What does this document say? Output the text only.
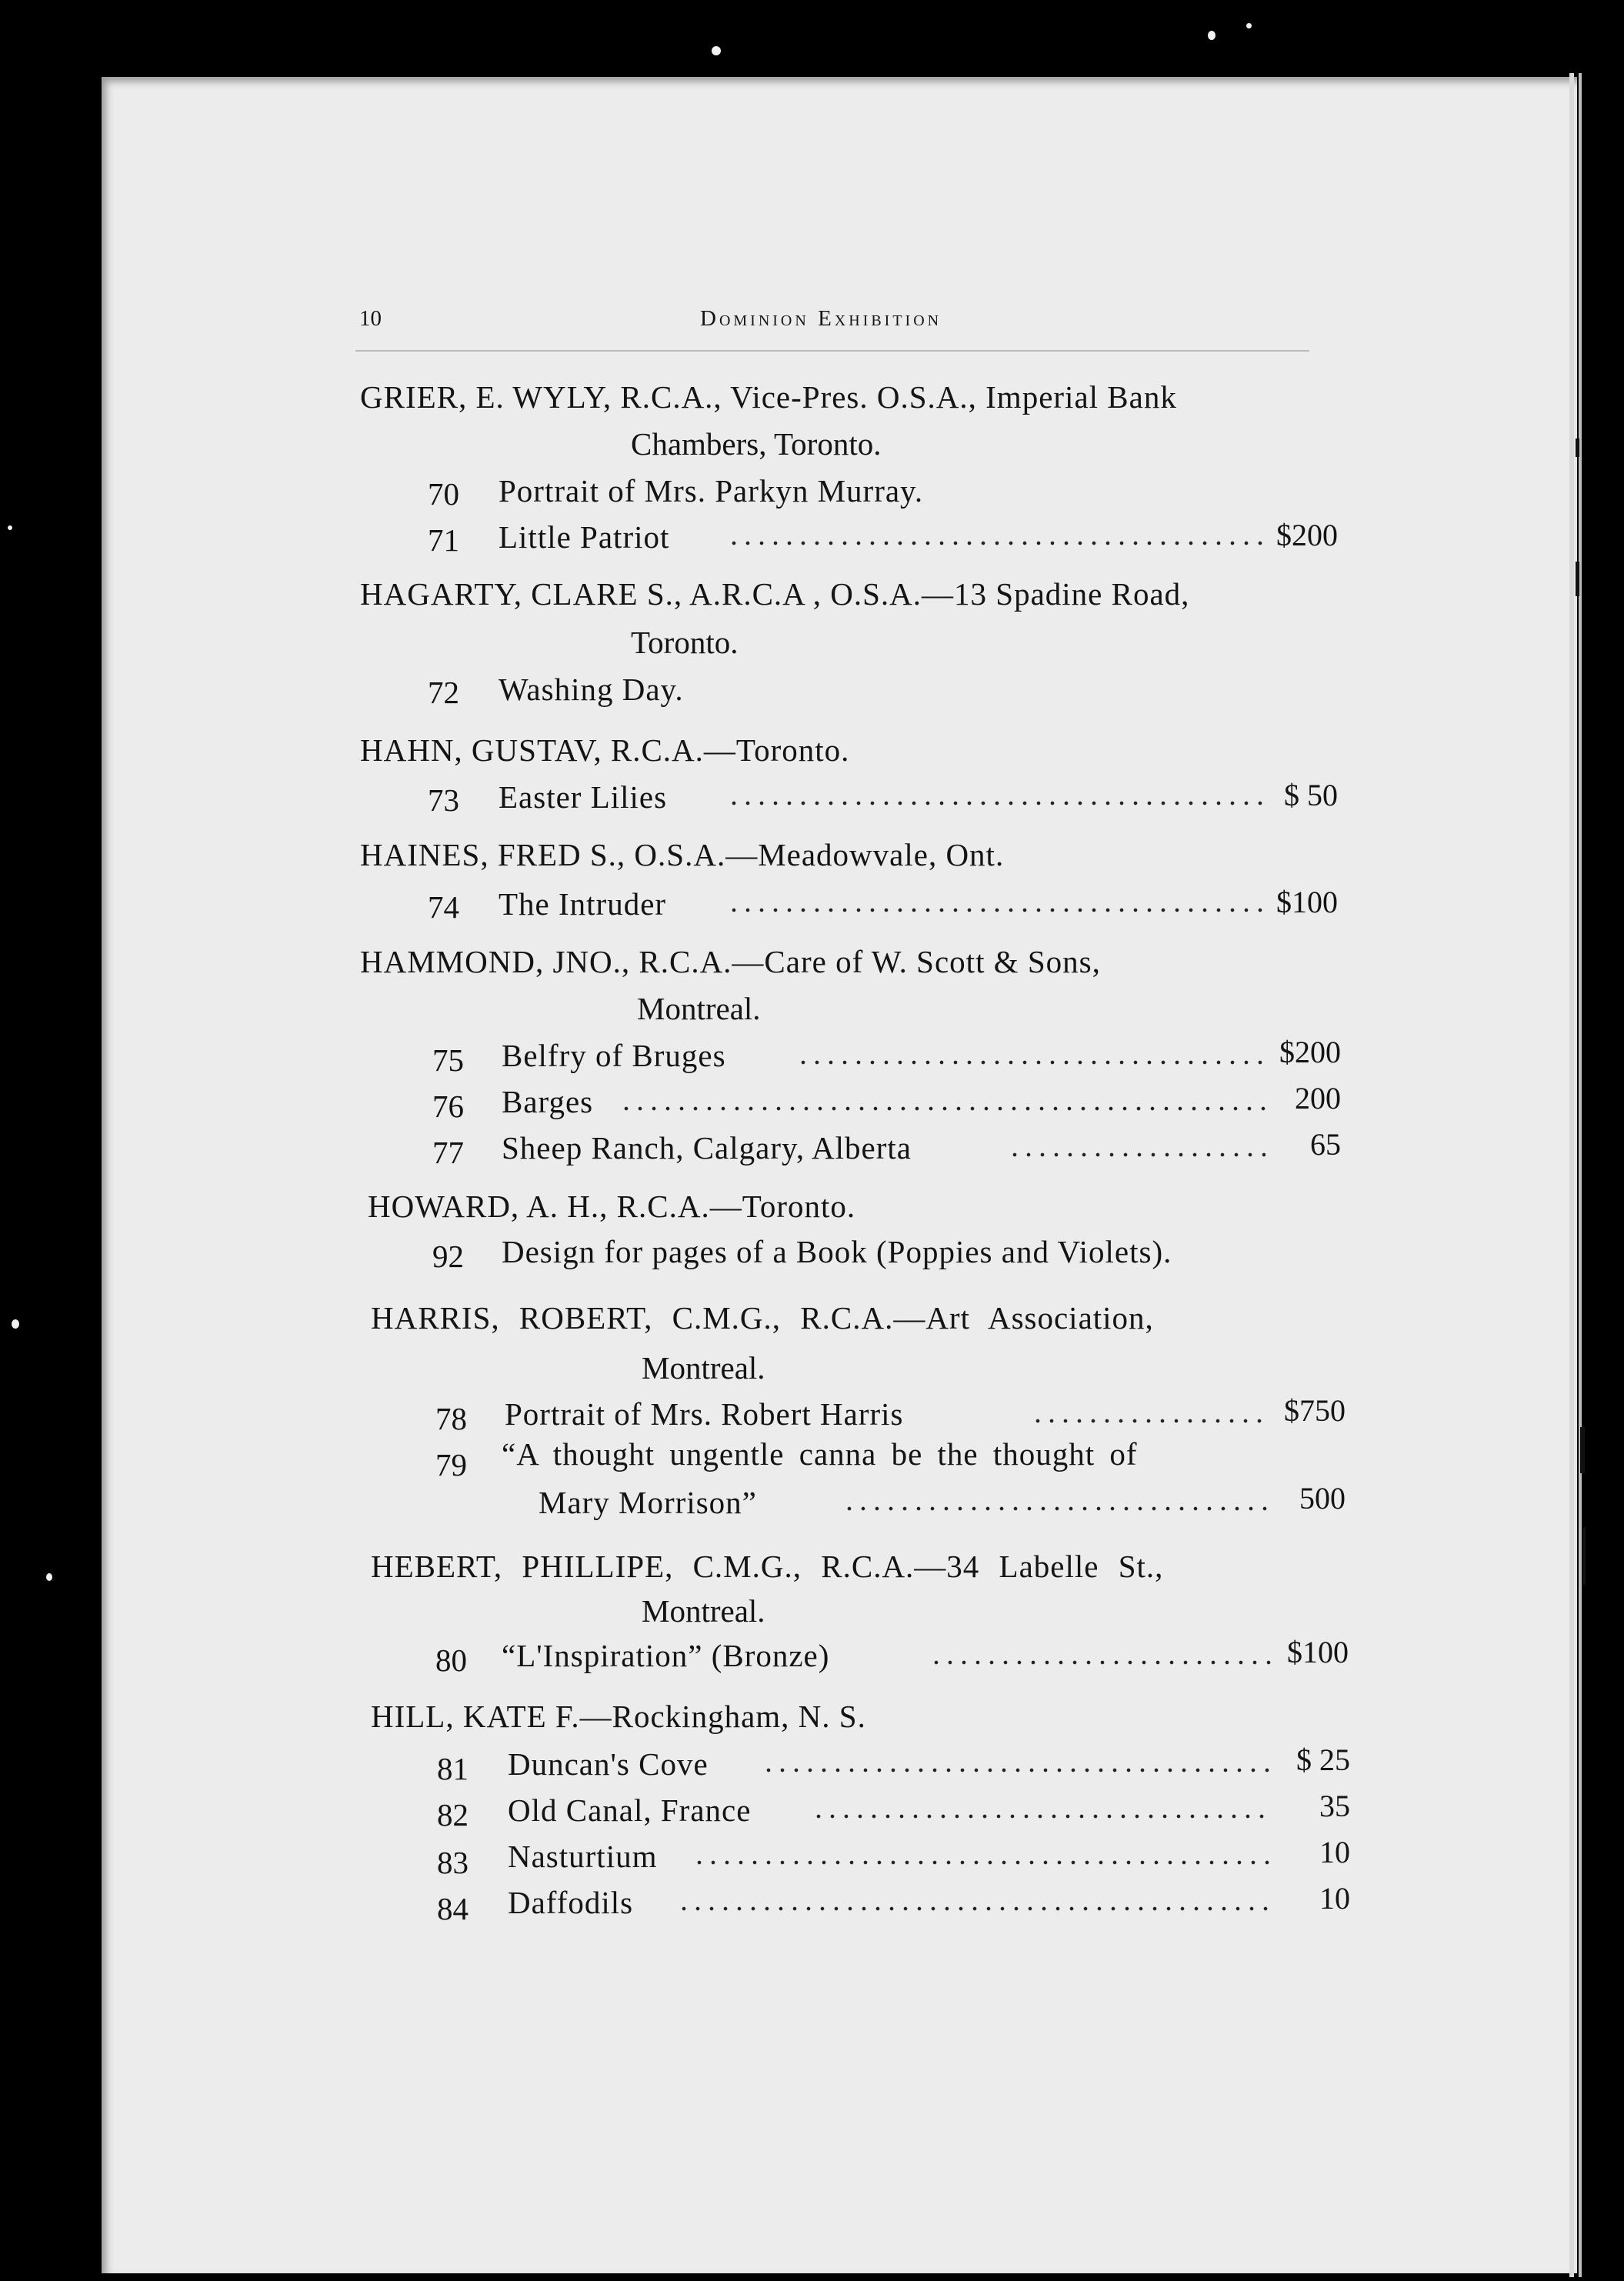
10	Dominion Exhibition
GRIER, E. WYLY, R.C.A., Vice-Pres. O.S.A., Imperial Bank
Chambers, Toronto.
70 Portrait of Mrs. Parkyn Murray.
71 Little Patriot	$200
HAGARTY, CLARE S., A.R.C.A , O.S.A.—13 Spadine Road,
Toronto.
72 Washing Day.
HAHN, GUSTAV, R.C.A.—Toronto.
73 Easter Lilies	$ 50
HAINES, FRED S., O.S.A.—Meadowvale, Ont.
74 The Intruder	$100
HAMMOND, JNO., R.C.A.—Care of W. Scott & Sons,
Montreal.
75 Belfry of Bruges	$200
76 Barges	200
77 Sheep Ranch, Calgary, Alberta	65
HOWARD, A. H., R.C.A.—Toronto.
92 Design for pages of a Book (Poppies and Violets).
HARRIS, ROBERT, C.M.G., R.C.A.—Art Association,
Montreal.
78 Portrait of Mrs. Robert Harris	$750
79 “A thought ungentle canna be the thought of
Mary Morrison”	500
HEBERT, PHILLIPE, C.M.G., R.C.A.—34 Labelle St.,
Montreal.
80 “L'Inspiration” (Bronze)	$100
HILL, KATE F.—Rockingham, N. S.
81 Duncan's Cove	$ 25
82 Old Canal, France	35
83 Nasturtium	10
84 Daffodils	10
